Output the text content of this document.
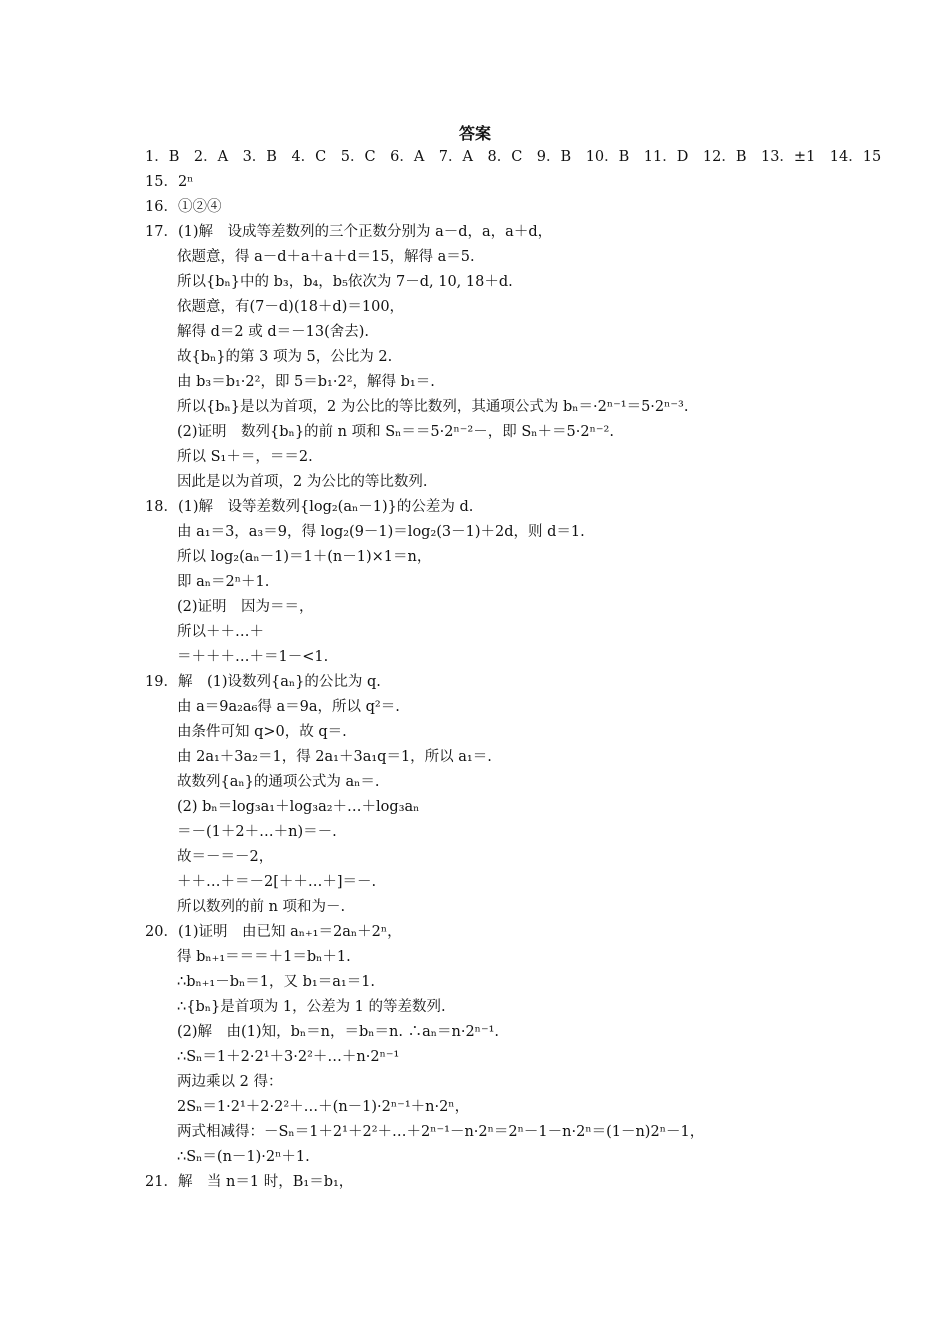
答案
1．B　2．A　3．B　4．C　5．C　6．A　7．A　8．C　9．B　10．B　11．D　12．B　13．±1　14．15
15．2ⁿ
16．①②④
17．(1)解　设成等差数列的三个正数分别为 a－d，a，a＋d，
依题意，得 a－d＋a＋a＋d＝15，解得 a＝5.
所以{bₙ}中的 b₃，b₄，b₅依次为 7－d, 10, 18＋d.
依题意，有(7－d)(18＋d)＝100，
解得 d＝2 或 d＝－13(舍去).
故{bₙ}的第 3 项为 5，公比为 2.
由 b₃＝b₁·2²，即 5＝b₁·2²，解得 b₁＝.
所以{bₙ}是以为首项，2 为公比的等比数列，其通项公式为 bₙ＝·2ⁿ⁻¹＝5·2ⁿ⁻³.
(2)证明　数列{bₙ}的前 n 项和 Sₙ＝＝5·2ⁿ⁻²－，即 Sₙ＋＝5·2ⁿ⁻².
所以 S₁＋＝，＝＝2.
因此是以为首项，2 为公比的等比数列.
18．(1)解　设等差数列{log₂(aₙ－1)}的公差为 d.
由 a₁＝3，a₃＝9，得 log₂(9－1)＝log₂(3－1)＋2d，则 d＝1.
所以 log₂(aₙ－1)＝1＋(n－1)×1＝n，
即 aₙ＝2ⁿ＋1.
(2)证明　因为＝＝，
所以＋＋…＋
＝＋＋＋…＋＝1－<1.
19．解　(1)设数列{aₙ}的公比为 q.
由 a＝9a₂a₆得 a＝9a，所以 q²＝.
由条件可知 q>0，故 q＝.
由 2a₁＋3a₂＝1，得 2a₁＋3a₁q＝1，所以 a₁＝.
故数列{aₙ}的通项公式为 aₙ＝.
(2) bₙ＝log₃a₁＋log₃a₂＋…＋log₃aₙ
＝－(1＋2＋…＋n)＝－.
故＝－＝－2，
＋＋…＋＝－2[＋＋…＋]＝－.
所以数列的前 n 项和为－.
20．(1)证明　由已知 aₙ₊₁＝2aₙ＋2ⁿ，
得 bₙ₊₁＝＝＝＋1＝bₙ＋1.
∴bₙ₊₁－bₙ＝1，又 b₁＝a₁＝1.
∴{bₙ}是首项为 1，公差为 1 的等差数列.
(2)解　由(1)知，bₙ＝n，＝bₙ＝n. ∴aₙ＝n·2ⁿ⁻¹.
∴Sₙ＝1＋2·2¹＋3·2²＋…＋n·2ⁿ⁻¹
两边乘以 2 得：
2Sₙ＝1·2¹＋2·2²＋…＋(n－1)·2ⁿ⁻¹＋n·2ⁿ，
两式相减得：－Sₙ＝1＋2¹＋2²＋…＋2ⁿ⁻¹－n·2ⁿ＝2ⁿ－1－n·2ⁿ＝(1－n)2ⁿ－1，
∴Sₙ＝(n－1)·2ⁿ＋1.
21．解　当 n＝1 时，B₁＝b₁，
